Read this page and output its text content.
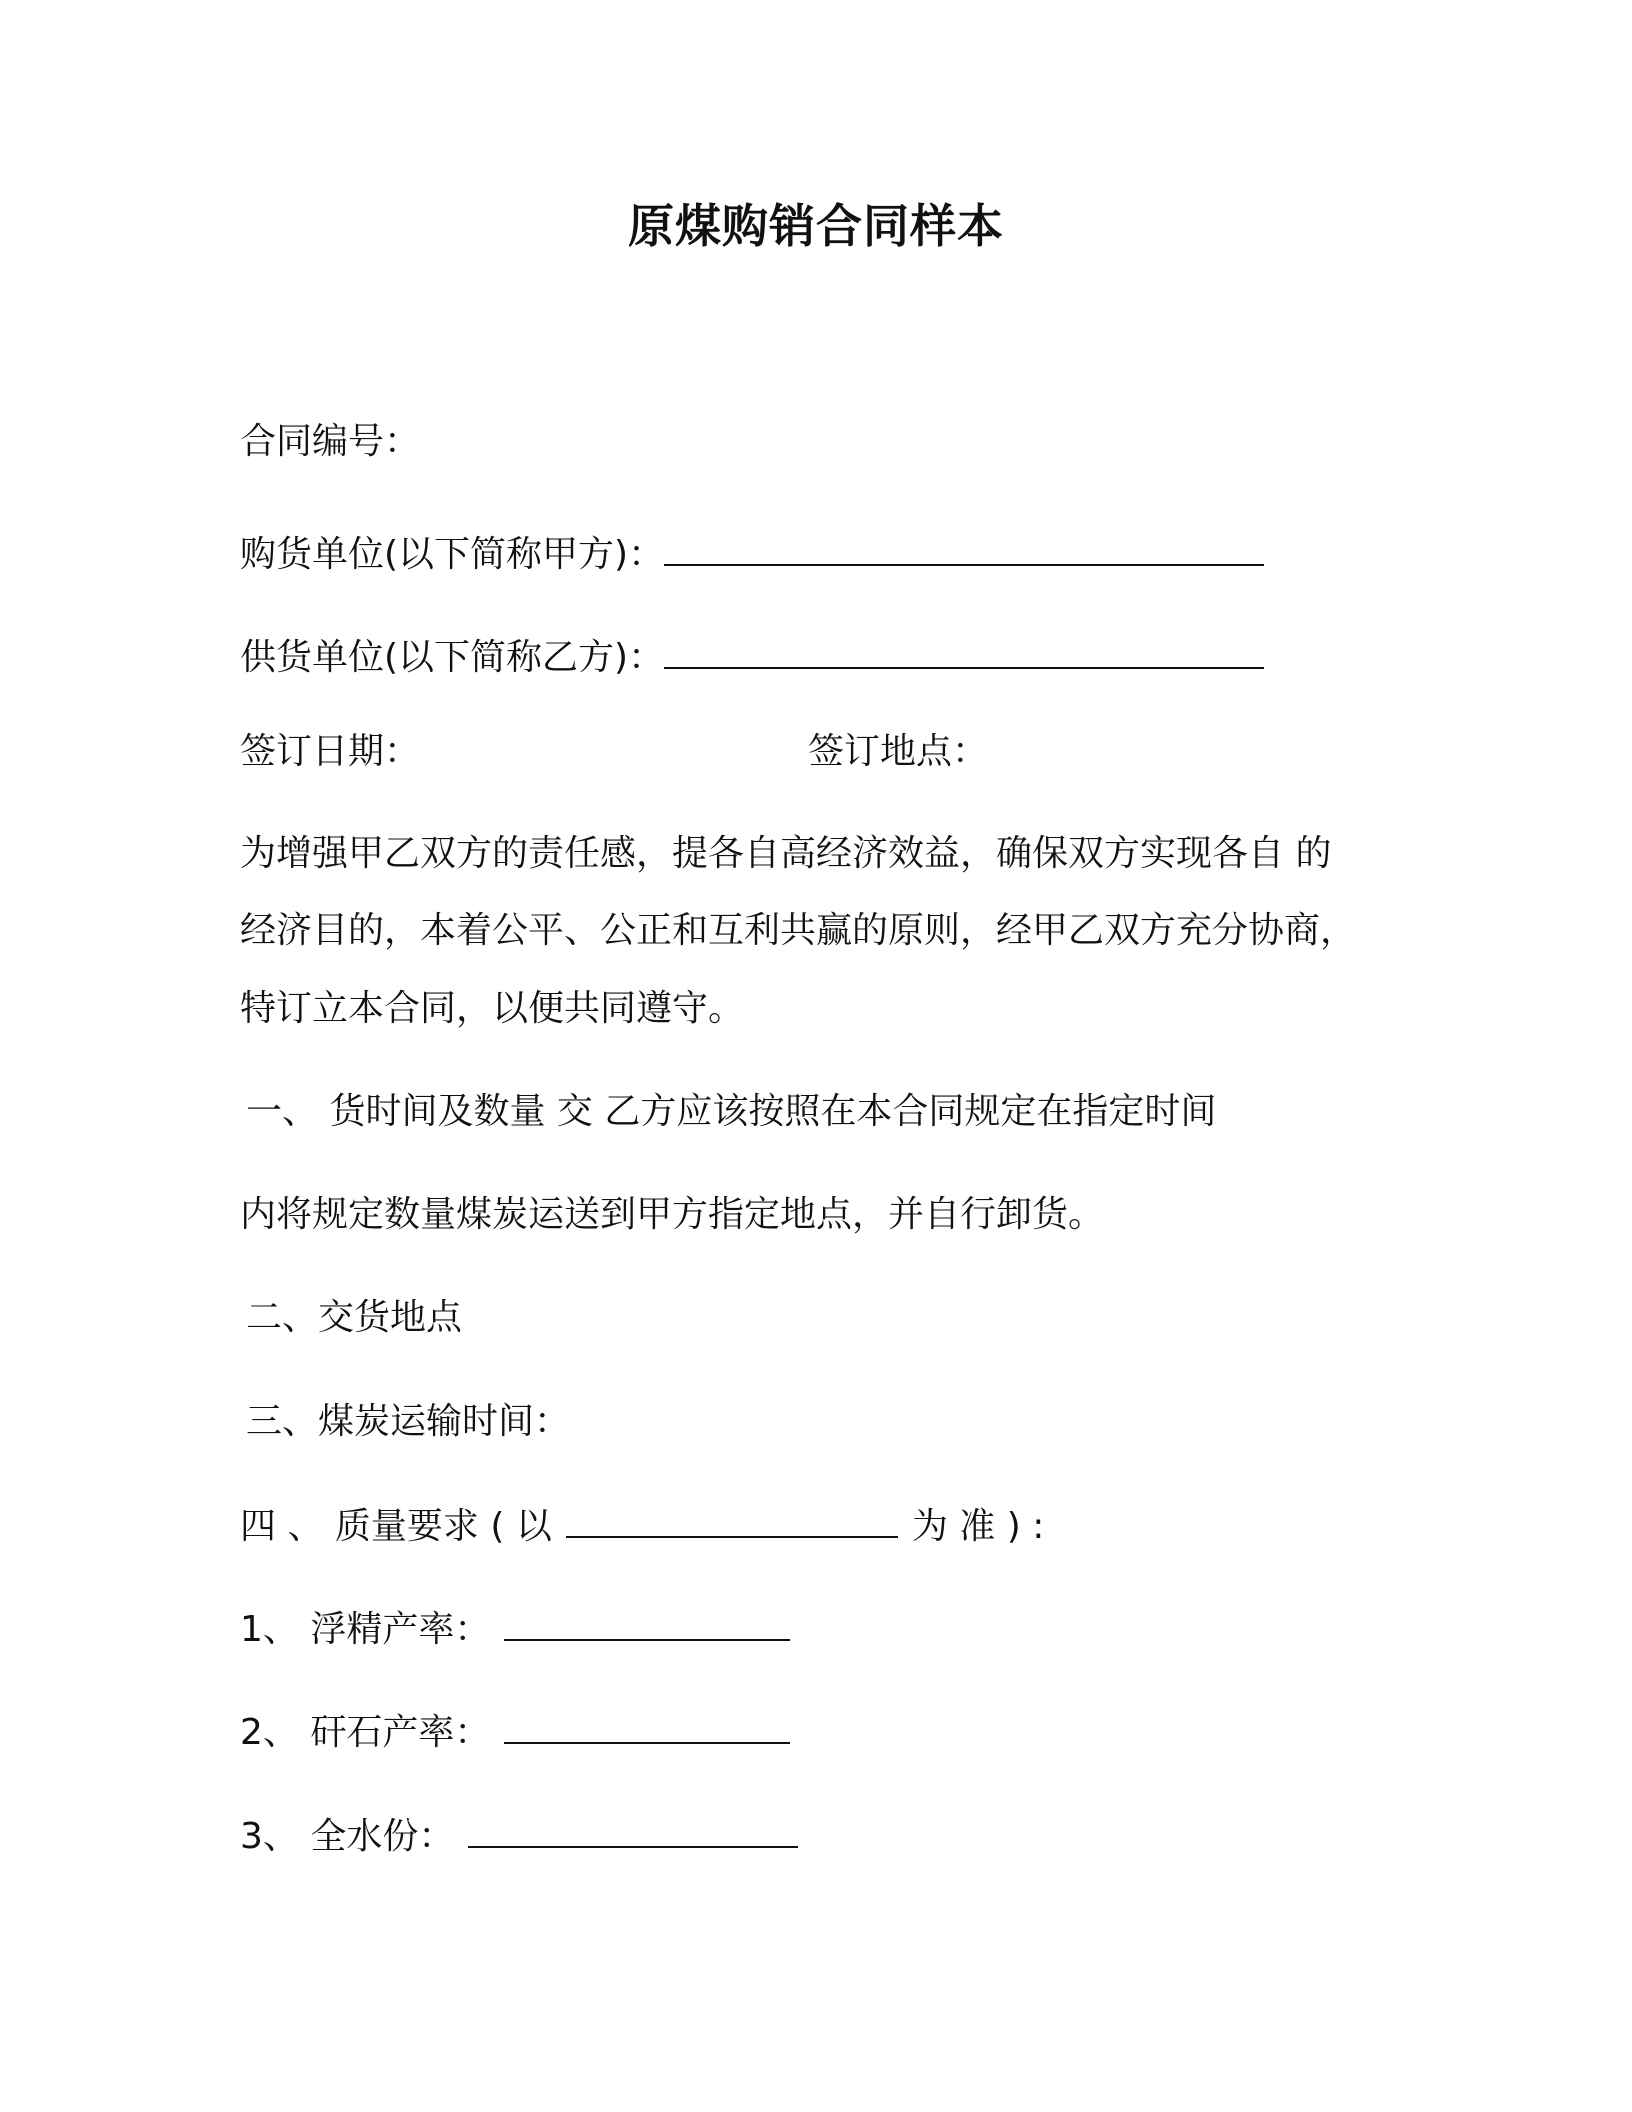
原煤购销合同样本
合同编号：
购货单位(以下简称甲方)：
供货单位(以下简称乙方)：
签订日期：	签订地点：
为增强甲乙双方的责任感，提各自高经济效益，确保双方实现各自 的
经济目的，本着公平、公正和互利共赢的原则，经甲乙双方充分协商，
特订立本合同，以便共同遵守。
一、 货时间及数量 交 乙方应该按照在本合同规定在指定时间
内将规定数量煤炭运送到甲方指定地点，并自行卸货。
二、交货地点
三、煤炭运输时间：
四 、 质量要求 ( 以	为 准 ) :
1、 浮精产率：
2、 矸石产率：
3、 全水份：
